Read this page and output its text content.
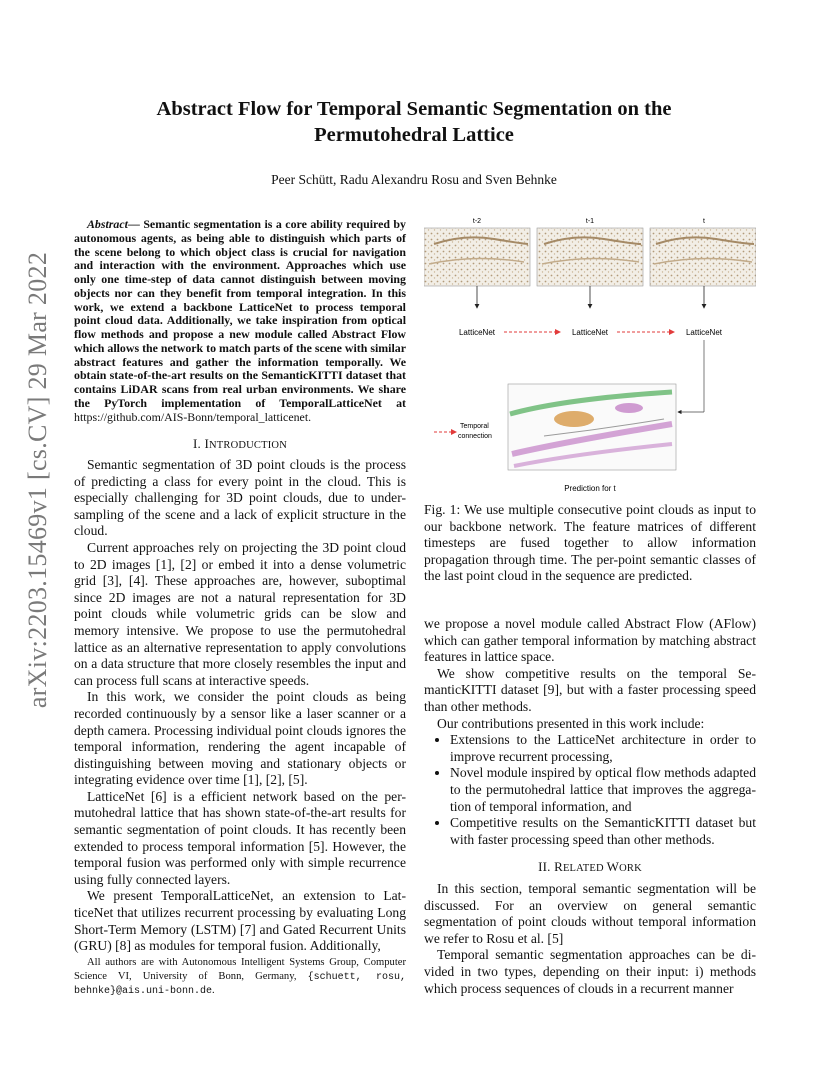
Abstract Flow for Temporal Semantic Segmentation on the
Permutohedral Lattice
Peer Schütt, Radu Alexandru Rosu and Sven Behnke
arXiv:2203.15469v1 [cs.CV] 29 Mar 2022

Abstract— Semantic segmentation is a core ability required by autonomous agents, as being able to distinguish which parts of the scene belong to which object class is crucial for navigation and interaction with the environment. Approaches which use only one time-step of data cannot distinguish between moving objects nor can they benefit from temporal integration. In this work, we extend a backbone LatticeNet to process temporal point cloud data. Additionally, we take inspiration from optical flow methods and propose a new module called Abstract Flow which allows the network to match parts of the scene with similar abstract features and gather the information temporally. We obtain state-of-the-art results on the SemanticKITTI dataset that contains LiDAR scans from real urban environments. We share the PyTorch implementation of TemporalLatticeNet at https://github.com/AIS-Bonn/temporal_latticenet.

I. INTRODUCTION

Semantic segmentation of 3D point clouds is the process of predicting a class for every point in the cloud. This is especially challenging for 3D point clouds, due to under-sampling of the scene and a lack of explicit structure in the cloud.

Current approaches rely on projecting the 3D point cloud to 2D images [1], [2] or embed it into a dense volumetric grid [3], [4]. These approaches are, however, suboptimal since 2D images are not a natural representation for 3D point clouds while volumetric grids can be slow and memory intensive. We propose to use the permutohedral lattice as an alternative representation to apply convolutions on a data structure that more closely resembles the input and can process full scans at interactive speeds.

In this work, we consider the point clouds as being recorded continuously by a sensor like a laser scanner or a depth camera. Processing individual point clouds ignores the temporal information, rendering the agent incapable of distinguishing between moving and stationary objects or integrating evidence over time [1], [2], [5].

LatticeNet [6] is a efficient network based on the per-mutohedral lattice that has shown state-of-the-art results for semantic segmentation of point clouds. It has recently been extended to process temporal information [5]. However, the temporal fusion was performed only with simple recurrence using fully connected layers.

We present TemporalLatticeNet, an extension to Lat-ticeNet that utilizes recurrent processing by evaluating Long Short-Term Memory (LSTM) [7] and Gated Recurrent Units (GRU) [8] as modules for temporal fusion. Additionally,

All authors are with Autonomous Intelligent Systems Group, Computer Science VI, University of Bonn, Germany, {schuett, rosu, behnke}@ais.uni-bonn.de.

t-2	t-1	t
LatticeNet	LatticeNet	LatticeNet
Temporal
connection
Prediction for t

Fig. 1: We use multiple consecutive point clouds as input to our backbone network. The feature matrices of different timesteps are fused together to allow information propagation through time. The per-point semantic classes of the last point cloud in the sequence are predicted.

we propose a novel module called Abstract Flow (AFlow) which can gather temporal information by matching abstract features in lattice space.

We show competitive results on the temporal Se-manticKITTI dataset [9], but with a faster processing speed than other methods.

Our contributions presented in this work include:

• Extensions to the LatticeNet architecture in order to improve recurrent processing,
• Novel module inspired by optical flow methods adapted to the permutohedral lattice that improves the aggrega-tion of temporal information, and
• Competitive results on the SemanticKITTI dataset but with faster processing speed than other methods.
II. RELATED WORK

In this section, temporal semantic segmentation will be discussed. For an overview on general semantic segmentation of point clouds without temporal information we refer to Rosu et al. [5]

Temporal semantic segmentation approaches can be di-vided in two types, depending on their input: i) methods which process sequences of clouds in a recurrent manner
